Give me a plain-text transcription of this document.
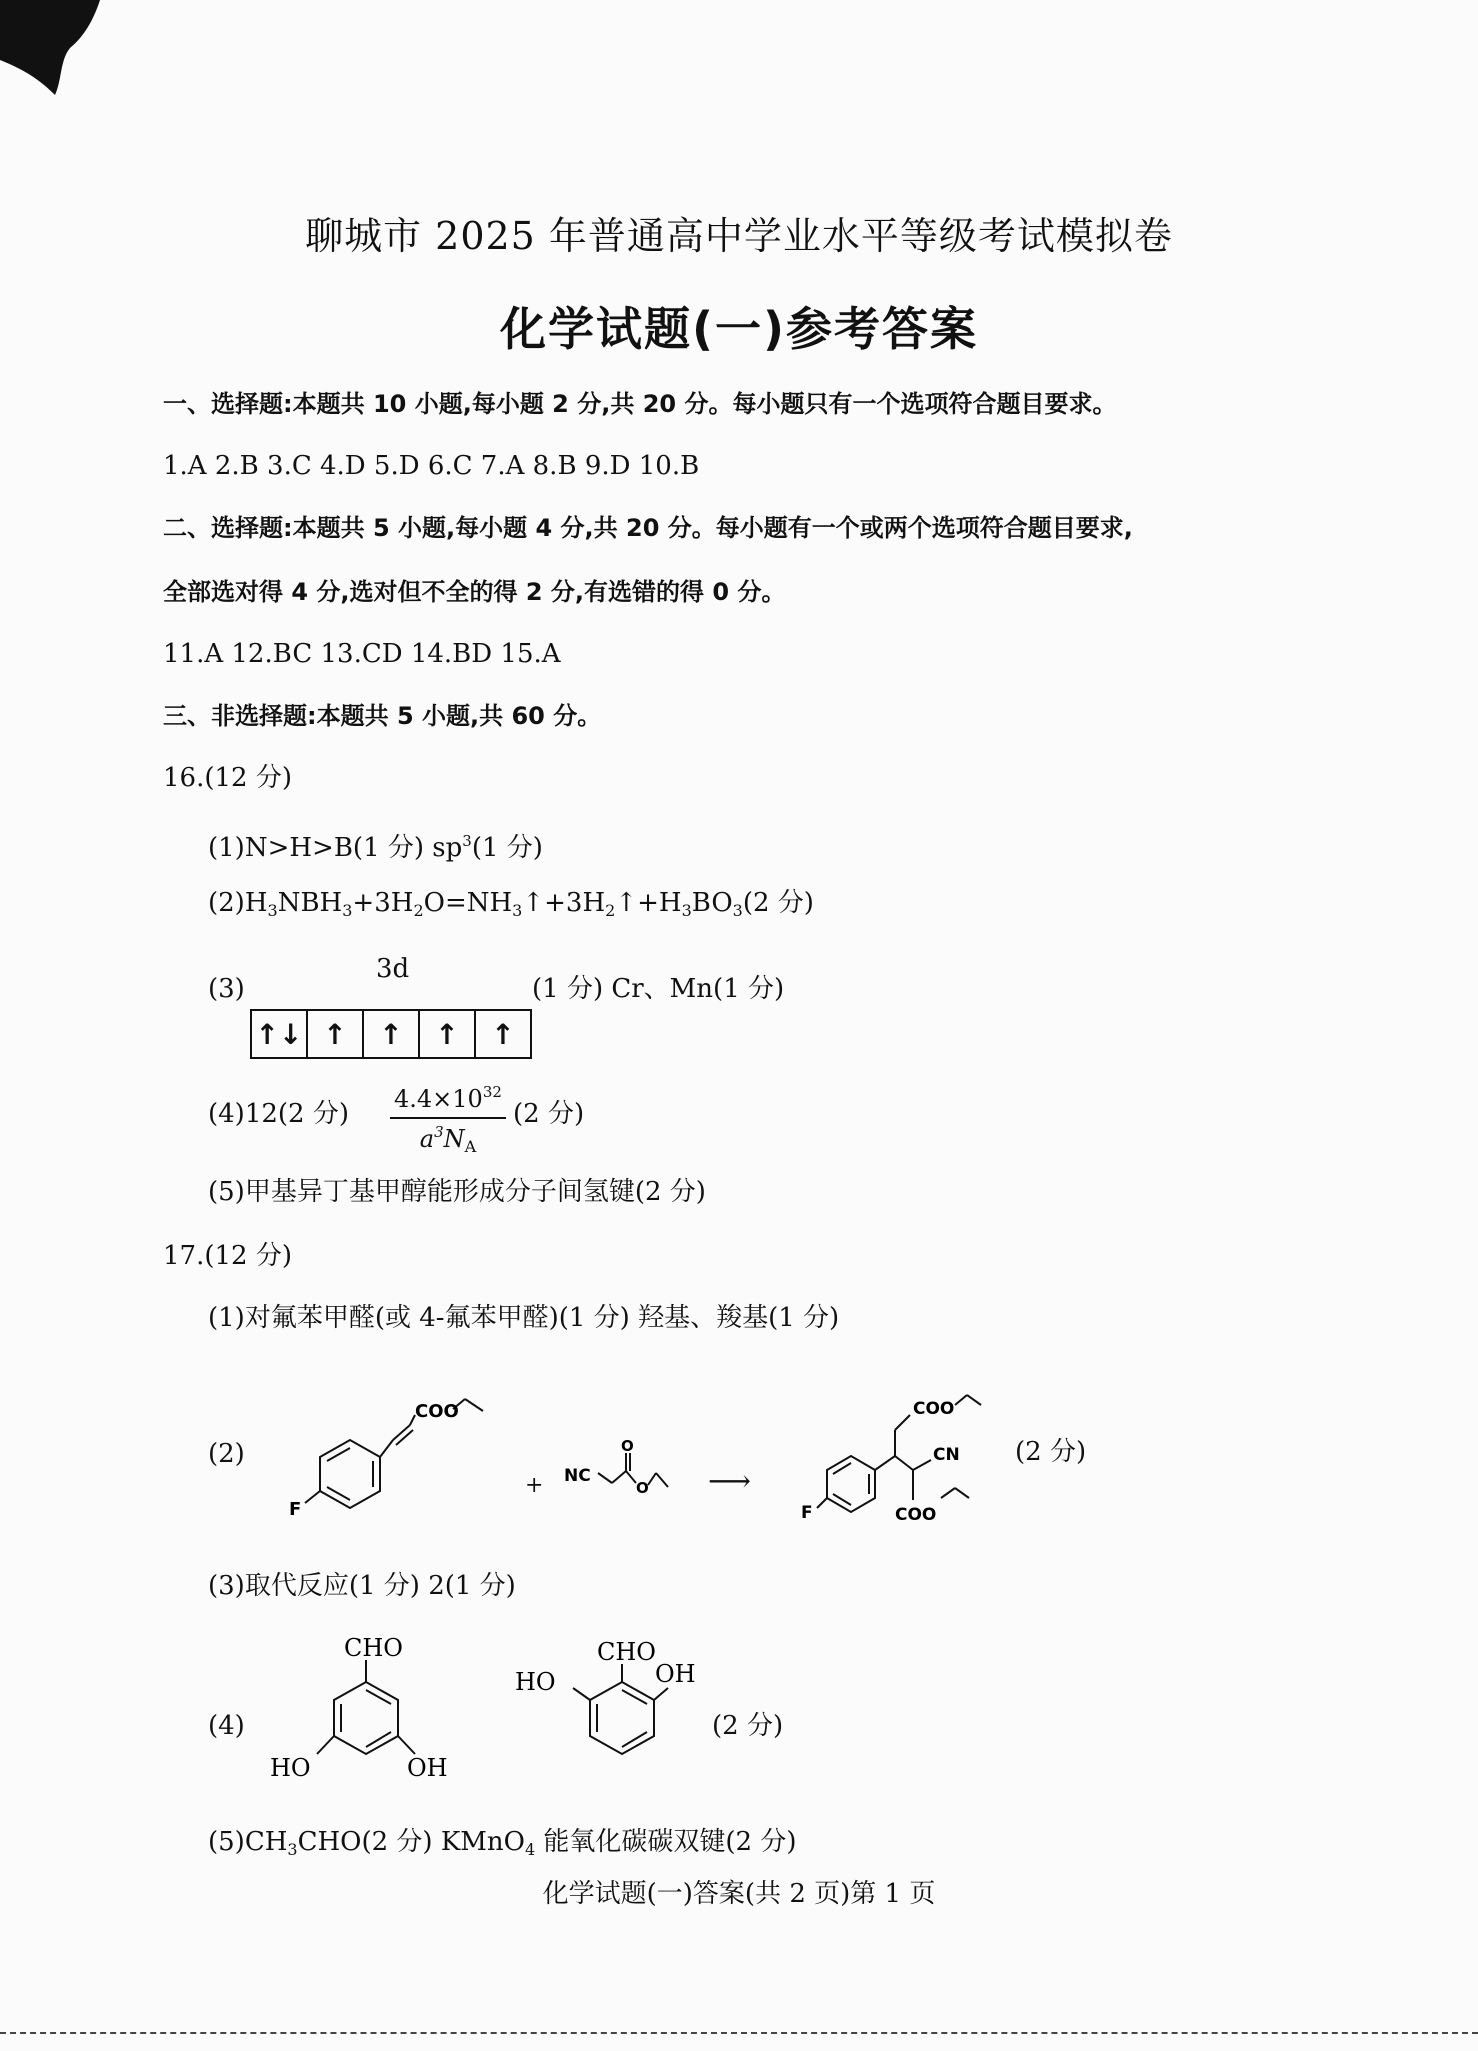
聊城市 2025 年普通高中学业水平等级考试模拟卷
化学试题(一)参考答案
一、选择题:本题共 10 小题,每小题 2 分,共 20 分。每小题只有一个选项符合题目要求。
1.A 2.B 3.C 4.D 5.D 6.C 7.A 8.B 9.D 10.B
二、选择题:本题共 5 小题,每小题 4 分,共 20 分。每小题有一个或两个选项符合题目要求,
全部选对得 4 分,选对但不全的得 2 分,有选错的得 0 分。
11.A 12.BC 13.CD 14.BD 15.A
三、非选择题:本题共 5 小题,共 60 分。
16.(12 分)
(1)N>H>B(1 分) $sp^3(1$ 分)
$(2)H_3NBH_3+3H_2O=NH_3↑+3H_2↑+H_3BO_3(2$ 分)
(3)
3d
↑↓ ↑	↑	↑	↑
(1 分) Cr、Mn(1 分)
(4)12(2 分) $\frac{4.4\times 10^{32}}{a^3N_A} (2$ 分)
(5)甲基异丁基甲醇能形成分子间氢键(2 分)
17.(12 分)
(1)对氟苯甲醛(或 4-氟苯甲醛)(1 分) 羟基、羧基(1 分)
(2)
COO
F
+ NC
O
O ⟶
COO
CN
COO
F
(2 分)
(3)取代反应(1 分) 2(1 分)
(4)
CHO
HO	OH
HO
CHO
OH
(2 分)
$(5)CH_3CHO(2$ 分) KMnO$_4$ 能氧化碳碳双键(2 分)
化学试题(一)答案(共 2 页)第 1 页
